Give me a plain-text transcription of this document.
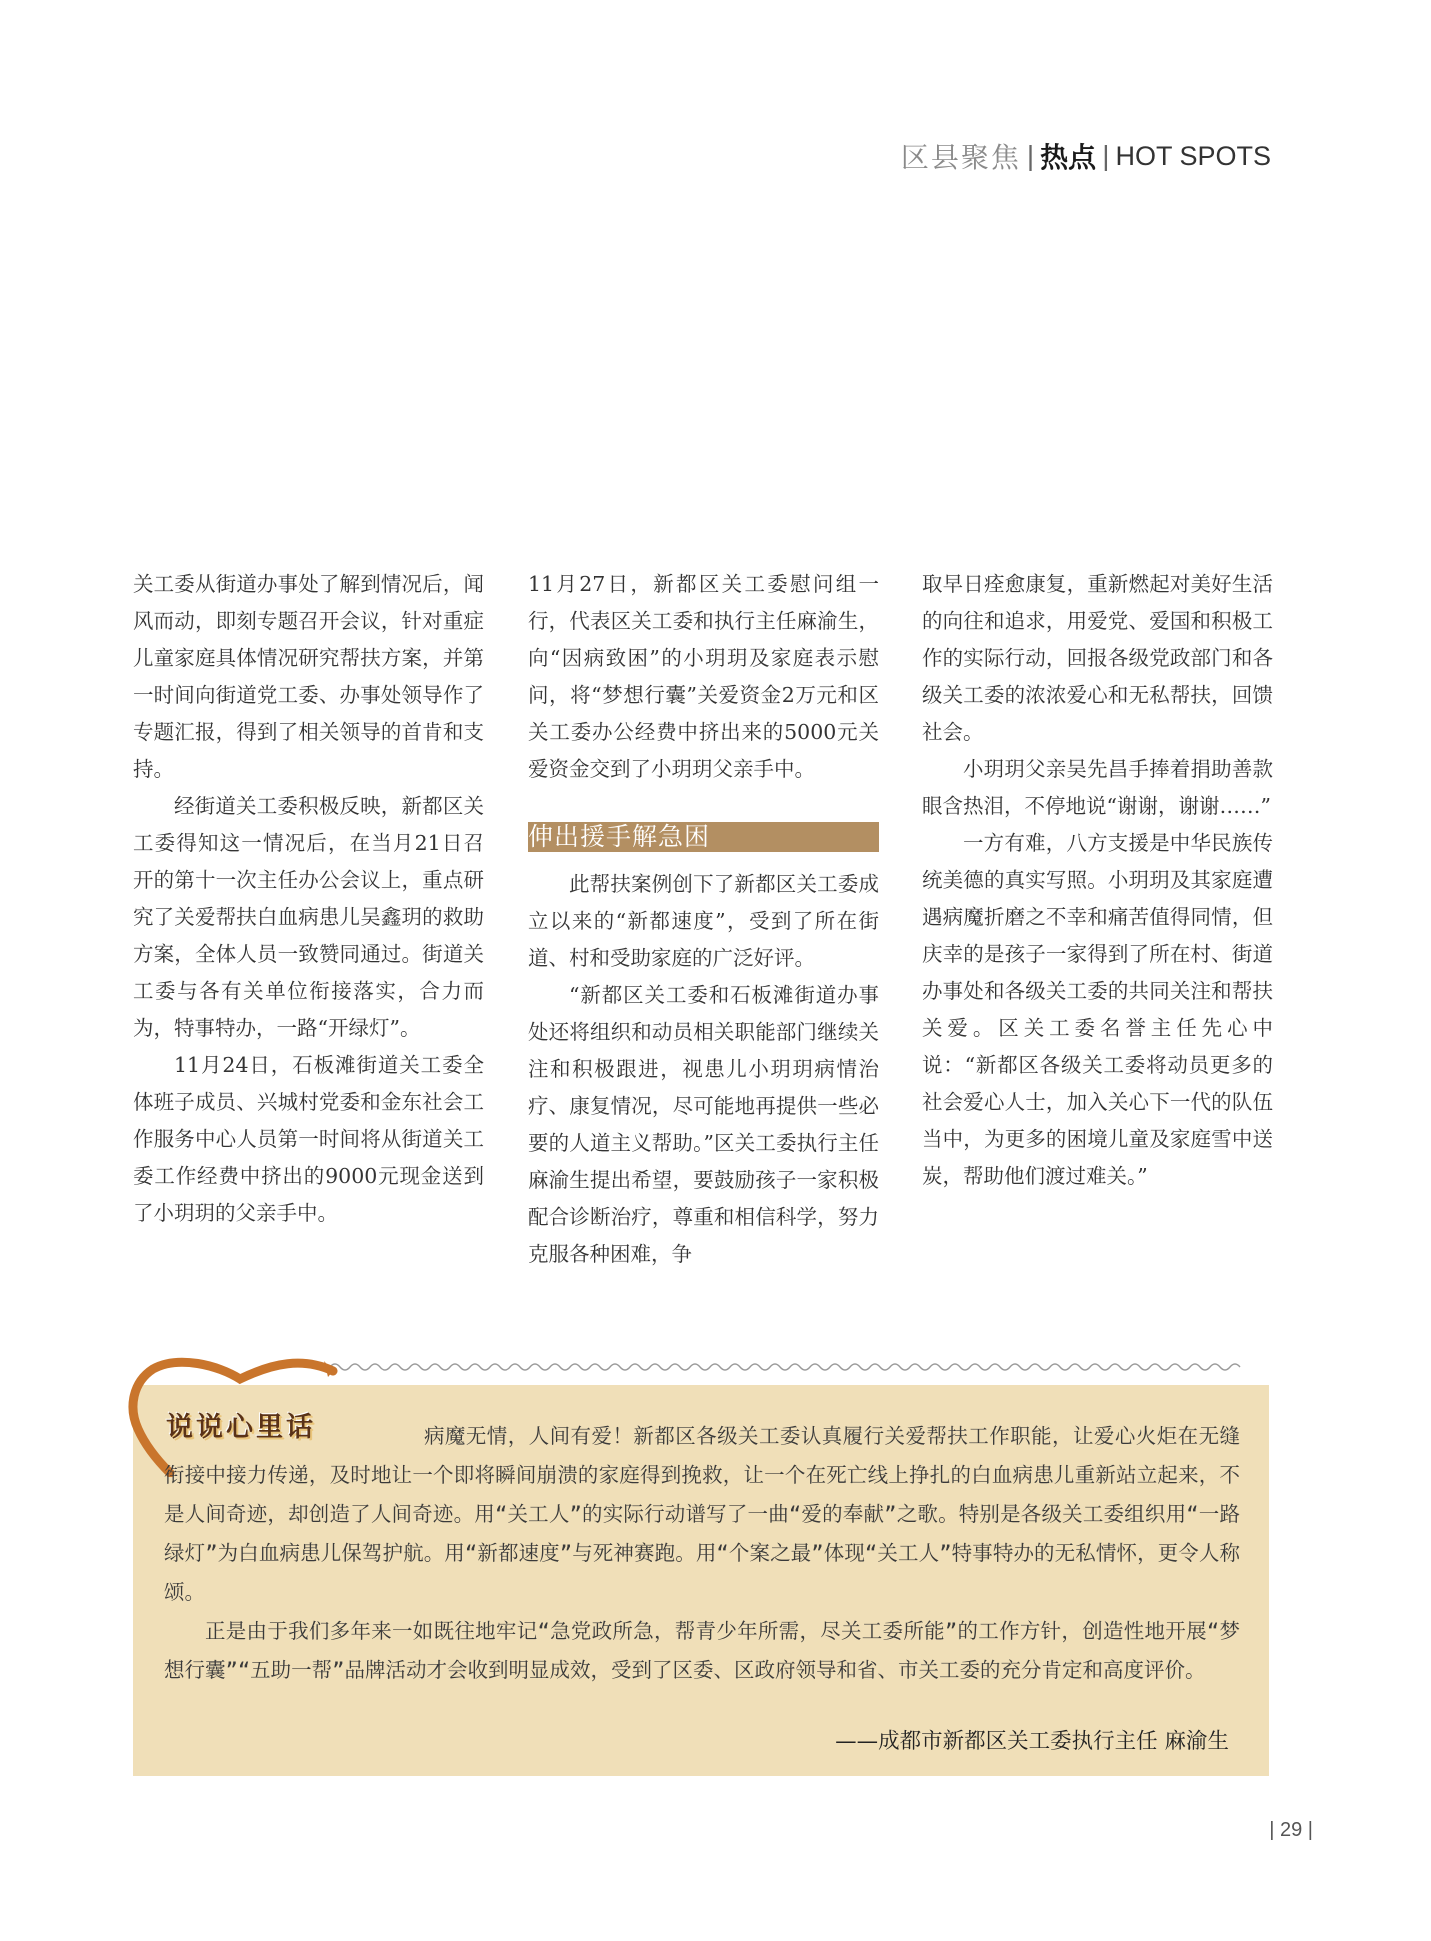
区县聚焦 | 热点 | HOT SPOTS

关工委从街道办事处了解到情况后，闻风而动，即刻专题召开会议，针对重症儿童家庭具体情况研究帮扶方案，并第一时间向街道党工委、办事处领导作了专题汇报，得到了相关领导的首肯和支持。

经街道关工委积极反映，新都区关工委得知这一情况后，在当月21日召开的第十一次主任办公会议上，重点研究了关爱帮扶白血病患儿吴鑫玥的救助方案，全体人员一致赞同通过。街道关工委与各有关单位衔接落实，合力而为，特事特办，一路“开绿灯”。

11月24日，石板滩街道关工委全体班子成员、兴城村党委和金东社会工作服务中心人员第一时间将从街道关工委工作经费中挤出的9000元现金送到了小玥玥的父亲手中。

11月27日，新都区关工委慰问组一行，代表区关工委和执行主任麻渝生，向“因病致困”的小玥玥及家庭表示慰问，将“梦想行囊”关爱资金2万元和区关工委办公经费中挤出来的5000元关爱资金交到了小玥玥父亲手中。

伸出援手解急困

此帮扶案例创下了新都区关工委成立以来的“新都速度”，受到了所在街道、村和受助家庭的广泛好评。

“新都区关工委和石板滩街道办事处还将组织和动员相关职能部门继续关注和积极跟进，视患儿小玥玥病情治疗、康复情况，尽可能地再提供一些必要的人道主义帮助。”区关工委执行主任麻渝生提出希望，要鼓励孩子一家积极配合诊断治疗，尊重和相信科学，努力克服各种困难，争

取早日痊愈康复，重新燃起对美好生活的向往和追求，用爱党、爱国和积极工作的实际行动，回报各级党政部门和各级关工委的浓浓爱心和无私帮扶，回馈社会。

小玥玥父亲吴先昌手捧着捐助善款眼含热泪，不停地说“谢谢，谢谢……”

一方有难，八方支援是中华民族传统美德的真实写照。小玥玥及其家庭遭遇病魔折磨之不幸和痛苦值得同情，但庆幸的是孩子一家得到了所在村、街道办事处和各级关工委的共同关注和帮扶关爱。区关工委名誉主任先心中说：“新都区各级关工委将动员更多的社会爱心人士，加入关心下一代的队伍当中，为更多的困境儿童及家庭雪中送炭，帮助他们渡过难关。”

说说心里话	病魔无情，人间有爱！新都区各级关工委认真履行关爱帮扶工作职能，让爱心火炬在无缝衔接中接力传递，及时地让一个即将瞬间崩溃的家庭得到挽救，让一个在死亡线上挣扎的白血病患儿重新站立起来，不是人间奇迹，却创造了人间奇迹。用“关工人”的实际行动谱写了一曲“爱的奉献”之歌。特别是各级关工委组织用“一路绿灯”为白血病患儿保驾护航。用“新都速度”与死神赛跑。用“个案之最”体现“关工人”特事特办的无私情怀，更令人称颂。

正是由于我们多年来一如既往地牢记“急党政所急，帮青少年所需，尽关工委所能”的工作方针，创造性地开展“梦想行囊”“五助一帮”品牌活动才会收到明显成效，受到了区委、区政府领导和省、市关工委的充分肯定和高度评价。

——成都市新都区关工委执行主任 麻渝生
| 29 |
